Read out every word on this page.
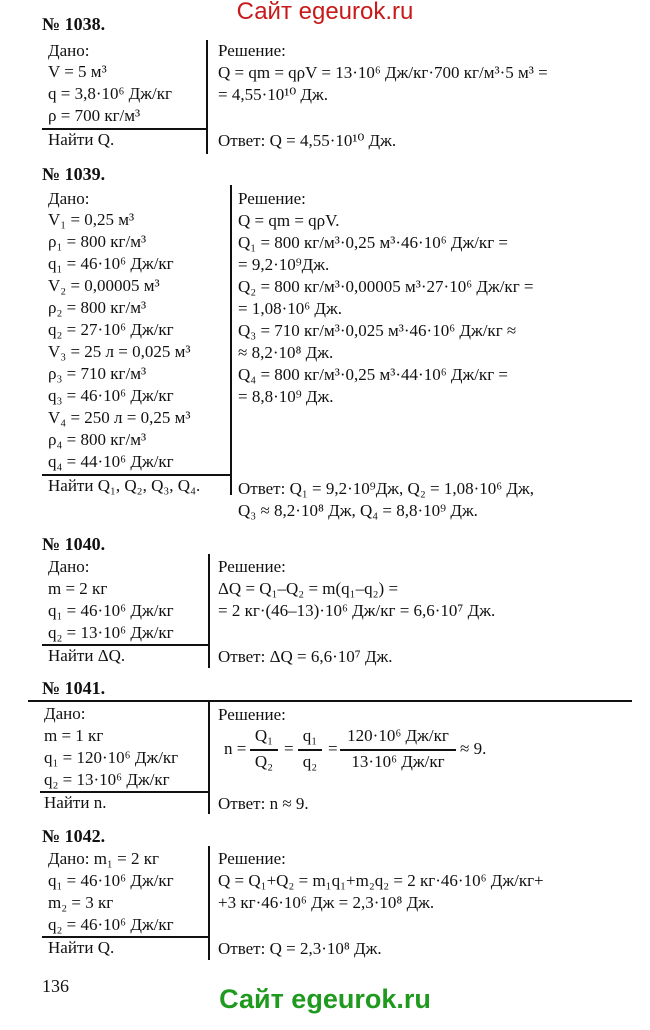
Сайт egeurok.ru
№ 1038.
Дано:
V = 5 м³
q = 3,8·10⁶ Дж/кг
ρ = 700 кг/м³
Найти Q.
Решение:
Q = qm = qρV = 13·10⁶ Дж/кг·700 кг/м³·5 м³ =
= 4,55·10¹⁰ Дж.
Ответ: Q = 4,55·10¹⁰ Дж.
№ 1039.
Дано:
V₁ = 0,25 м³
ρ₁ = 800 кг/м³
q₁ = 46·10⁶ Дж/кг
V₂ = 0,00005 м³
ρ₂ = 800 кг/м³
q₂ = 27·10⁶ Дж/кг
V₃ = 25 л = 0,025 м³
ρ₃ = 710 кг/м³
q₃ = 46·10⁶ Дж/кг
V₄ = 250 л = 0,25 м³
ρ₄ = 800 кг/м³
q₄ = 44·10⁶ Дж/кг
Найти Q₁, Q₂, Q₃, Q₄.
Решение:
Q = qm = qρV.
Q₁ = 800 кг/м³·0,25 м³·46·10⁶ Дж/кг =
= 9,2·10⁹Дж.
Q₂ = 800 кг/м³·0,00005 м³·27·10⁶ Дж/кг =
= 1,08·10⁶ Дж.
Q₃ = 710 кг/м³·0,025 м³·46·10⁶ Дж/кг ≈
≈ 8,2·10⁸ Дж.
Q₄ = 800 кг/м³·0,25 м³·44·10⁶ Дж/кг =
= 8,8·10⁹ Дж.
Ответ: Q₁ = 9,2·10⁹Дж, Q₂ = 1,08·10⁶ Дж,
Q₃ ≈ 8,2·10⁸ Дж, Q₄ = 8,8·10⁹ Дж.
№ 1040.
Дано:
m = 2 кг
q₁ = 46·10⁶ Дж/кг
q₂ = 13·10⁶ Дж/кг
Найти ΔQ.
Решение:
ΔQ = Q₁–Q₂ = m(q₁–q₂) =
= 2 кг·(46–13)·10⁶ Дж/кг = 6,6·10⁷ Дж.
Ответ: ΔQ = 6,6·10⁷ Дж.
№ 1041.
Дано:
m = 1 кг
q₁ = 120·10⁶ Дж/кг
q₂ = 13·10⁶ Дж/кг
Найти n.
Решение:
n =
Q₁
Q₂
=
q₁
q₂
=
120·10⁶ Дж/кг
13·10⁶ Дж/кг
≈ 9.
Ответ: n ≈ 9.
№ 1042.
Дано: m₁ = 2 кг
q₁ = 46·10⁶ Дж/кг
m₂ = 3 кг
q₂ = 46·10⁶ Дж/кг
Найти Q.
Решение:
Q = Q₁+Q₂ = m₁q₁+m₂q₂ = 2 кг·46·10⁶ Дж/кг+
+3 кг·46·10⁶ Дж = 2,3·10⁸ Дж.
Ответ: Q = 2,3·10⁸ Дж.
136	Сайт egeurok.ru
